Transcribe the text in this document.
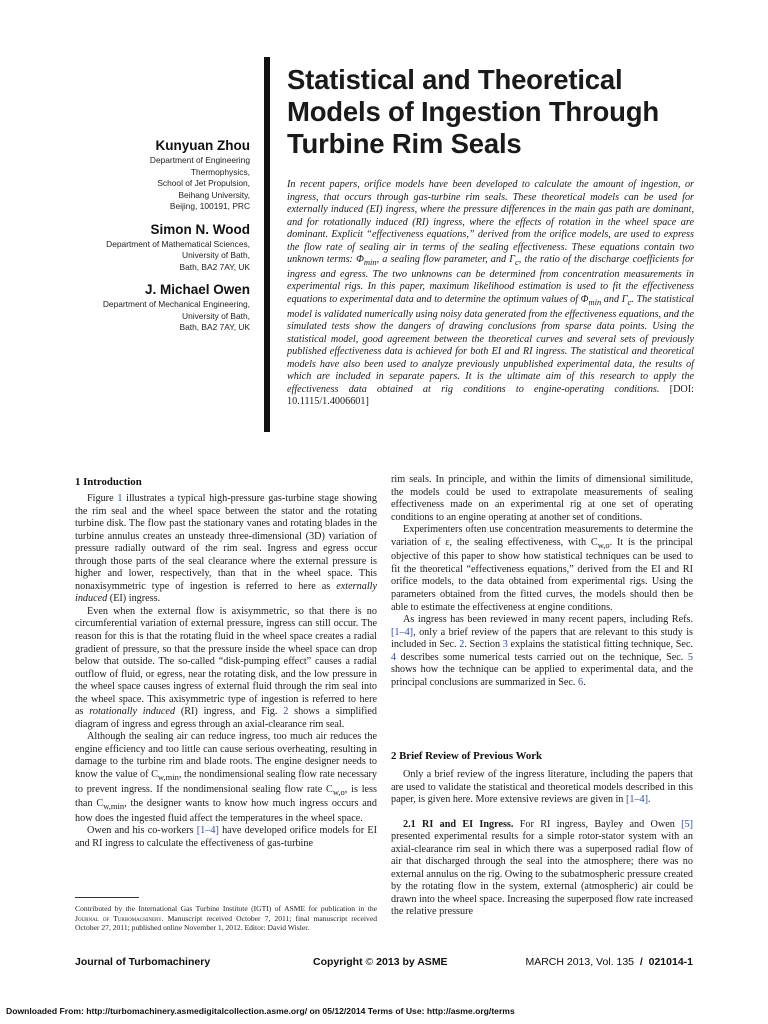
Kunyuan Zhou
Department of Engineering
Thermophysics,
School of Jet Propulsion,
Beihang University,
Beijing, 100191, PRC
Simon N. Wood
Department of Mathematical Sciences,
University of Bath,
Bath, BA2 7AY, UK
J. Michael Owen
Department of Mechanical Engineering,
University of Bath,
Bath, BA2 7AY, UK
Statistical and Theoretical
Models of Ingestion Through
Turbine Rim Seals
In recent papers, orifice models have been developed to calculate the amount of ingestion, or ingress, that occurs through gas-turbine rim seals. These theoretical models can be used for externally induced (EI) ingress, where the pressure differences in the main gas path are dominant, and for rotationally induced (RI) ingress, where the effects of rotation in the wheel space are dominant. Explicit “effectiveness equations,” derived from the orifice models, are used to express the flow rate of sealing air in terms of the sealing effectiveness. These equations contain two unknown terms: $\Phi_{min}$, a sealing flow parameter, and $\Gamma_c$, the ratio of the discharge coefficients for ingress and egress. The two unknowns can be determined from concentration measurements in experimental rigs. In this paper, maximum likelihood estimation is used to fit the effectiveness equations to experimental data and to determine the optimum values of $\Phi_{min}$ and $\Gamma_c$. The statistical model is validated numerically using noisy data generated from the effectiveness equations, and the simulated tests show the dangers of drawing conclusions from sparse data points. Using the statistical model, good agreement between the theoretical curves and several sets of previously published effectiveness data is achieved for both EI and RI ingress. The statistical and theoretical models have also been used to analyze previously unpublished experimental data, the results of which are included in separate papers. It is the ultimate aim of this research to apply the effectiveness data obtained at rig conditions to engine-operating conditions. [DOI: 10.1115/1.4006601]
1 Introduction

Figure 1 illustrates a typical high-pressure gas-turbine stage showing the rim seal and the wheel space between the stator and the rotating turbine disk. The flow past the stationary vanes and rotating blades in the turbine annulus creates an unsteady three-dimensional (3D) variation of pressure radially outward of the rim seal. Ingress and egress occur through those parts of the seal clearance where the external pressure is higher and lower, respectively, than that in the wheel space. This nonaxisymmetric type of ingestion is referred to here as externally induced (EI) ingress.

Even when the external flow is axisymmetric, so that there is no circumferential variation of external pressure, ingress can still occur. The reason for this is that the rotating fluid in the wheel space creates a radial gradient of pressure, so that the pressure inside the wheel space can drop below that outside. The so-called “disk-pumping effect” causes a radial outflow of fluid, or egress, near the rotating disk, and the low pressure in the wheel space causes ingress of external fluid through the rim seal into the wheel space. This axisymmetric type of ingestion is referred to here as rotationally induced (RI) ingress, and Fig. 2 shows a simplified diagram of ingress and egress through an axial-clearance rim seal.

Although the sealing air can reduce ingress, too much air reduces the engine efficiency and too little can cause serious overheating, resulting in damage to the turbine rim and blade roots. The engine designer needs to know the value of $C_{w,min}$, the nondimensional sealing flow rate necessary to prevent ingress. If the nondimensional sealing flow rate $C_{w,o}$, is less than $C_{w,min}$, the designer wants to know how much ingress occurs and how does the ingested fluid affect the temperatures in the wheel space.

Owen and his co-workers [1–4] have developed orifice models for EI and RI ingress to calculate the effectiveness of gas-turbine

rim seals. In principle, and within the limits of dimensional similitude, the models could be used to extrapolate measurements of sealing effectiveness made on an experimental rig at one set of operating conditions to an engine operating at another set of conditions.

Experimenters often use concentration measurements to determine the variation of ε, the sealing effectiveness, with $C_{w,o}$. It is the principal objective of this paper to show how statistical techniques can be used to fit the theoretical “effectiveness equations,” derived from the EI and RI orifice models, to the data obtained from experimental rigs. Using the parameters obtained from the fitted curves, the models should then be able to estimate the effectiveness at engine conditions.

As ingress has been reviewed in many recent papers, including Refs. [1–4], only a brief review of the papers that are relevant to this study is included in Sec. 2. Section 3 explains the statistical fitting technique, Sec. 4 describes some numerical tests carried out on the technique, Sec. 5 shows how the technique can be applied to experimental data, and the principal conclusions are summarized in Sec. 6.

2 Brief Review of Previous Work

Only a brief review of the ingress literature, including the papers that are used to validate the statistical and theoretical models described in this paper, is given here. More extensive reviews are given in [1–4].

2.1 RI and EI Ingress. For RI ingress, Bayley and Owen [5] presented experimental results for a simple rotor-stator system with an axial-clearance rim seal in which there was a superposed radial flow of air that discharged through the seal into the atmosphere; there was no external annulus on the rig. Owing to the subatmospheric pressure created by the rotating flow in the system, external (atmospheric) air could be drawn into the wheel space. Increasing the superposed flow rate increased the relative pressure

Contributed by the International Gas Turbine Institute (IGTI) of ASME for publication in the Journal of Turbomachinery. Manuscript received October 7, 2011; final manuscript received October 27, 2011; published online November 1, 2012. Editor: David Wisler.
Journal of Turbomachinery	Copyright © 2013 by ASME	MARCH 2013, Vol. 135 / 021014-1
Downloaded From: http://turbomachinery.asmedigitalcollection.asme.org/ on 05/12/2014 Terms of Use: http://asme.org/terms
